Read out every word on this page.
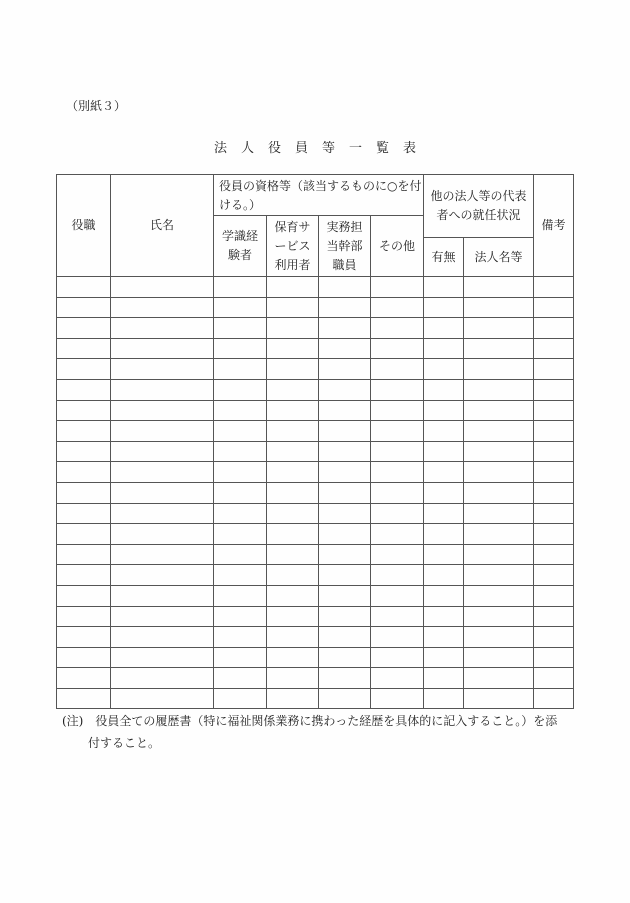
（別紙３）
法人役員等一覧表
役職	氏名	役員の資格等（該当するものに○を付ける。）				他の法人等の代表者への就任状況		備考
		学識経験者	保育サービス利用者	実務担当幹部職員	その他			
						有無	法人名等	

(注)　役員全ての履歴書（特に福祉関係業務に携わった経歴を具体的に記入すること。）を添
付すること。
